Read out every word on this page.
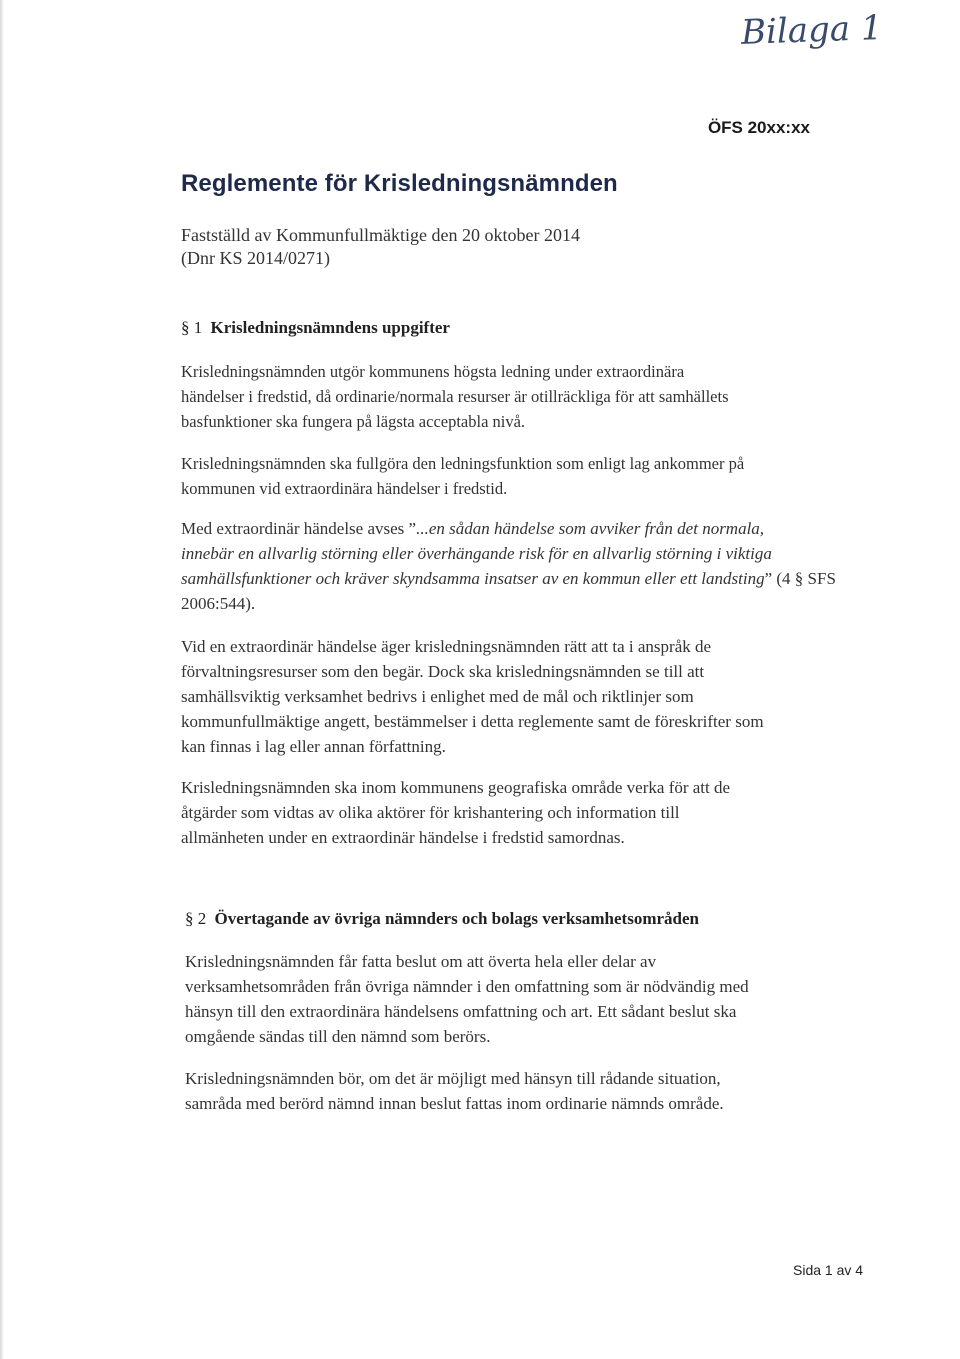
Bilaga 1
ÖFS 20xx:xx
Reglemente för Krisledningsnämnden
Fastställd av Kommunfullmäktige den 20 oktober 2014
(Dnr KS 2014/0271)
§ 1 Krisledningsnämndens uppgifter
Krisledningsnämnden utgör kommunens högsta ledning under extraordinära
händelser i fredstid, då ordinarie/normala resurser är otillräckliga för att samhällets
basfunktioner ska fungera på lägsta acceptabla nivå.
Krisledningsnämnden ska fullgöra den ledningsfunktion som enligt lag ankommer på
kommunen vid extraordinära händelser i fredstid.
Med extraordinär händelse avses ”...en sådan händelse som avviker från det normala,
innebär en allvarlig störning eller överhängande risk för en allvarlig störning i viktiga
samhällsfunktioner och kräver skyndsamma insatser av en kommun eller ett landsting” (4 § SFS
2006:544).
Vid en extraordinär händelse äger krisledningsnämnden rätt att ta i anspråk de
förvaltningsresurser som den begär. Dock ska krisledningsnämnden se till att
samhällsviktig verksamhet bedrivs i enlighet med de mål och riktlinjer som
kommunfullmäktige angett, bestämmelser i detta reglemente samt de föreskrifter som
kan finnas i lag eller annan författning.
Krisledningsnämnden ska inom kommunens geografiska område verka för att de
åtgärder som vidtas av olika aktörer för krishantering och information till
allmänheten under en extraordinär händelse i fredstid samordnas.
§ 2 Övertagande av övriga nämnders och bolags verksamhetsområden
Krisledningsnämnden får fatta beslut om att överta hela eller delar av
verksamhetsområden från övriga nämnder i den omfattning som är nödvändig med
hänsyn till den extraordinära händelsens omfattning och art. Ett sådant beslut ska
omgående sändas till den nämnd som berörs.
Krisledningsnämnden bör, om det är möjligt med hänsyn till rådande situation,
samråda med berörd nämnd innan beslut fattas inom ordinarie nämnds område.
Sida 1 av 4
